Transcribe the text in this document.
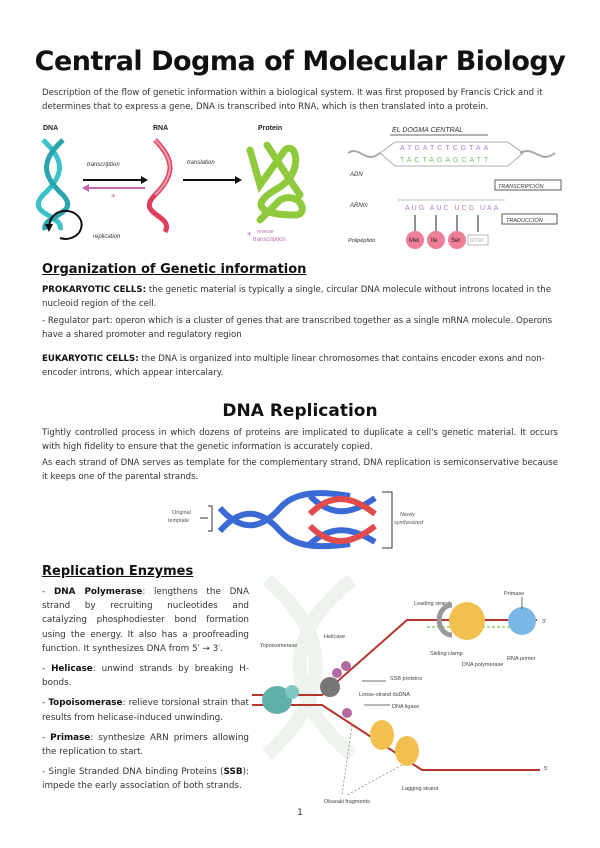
Central Dogma of Molecular Biology
Description of the flow of genetic information within a biological system. It was first proposed by Francis Crick and it determines that to express a gene, DNA is transcribed into RNA, which is then translated into a protein.
DNA	RNA	Protein
replication
transcription
*
translation
* reverse
transcription
EL DOGMA CENTRAL
ATGATCTCGTAA
TACTAGAGCATT
ADN
TRANSCRIPCIÓN
ARNm	AUG AUC UCG UAA
TRADUCCIÓN
Polipéptido	Met Ile Ser STOP
Organization of Genetic information
PROKARYOTIC CELLS: the genetic material is typically a single, circular DNA molecule without introns located in the nucleoid region of the cell.
- Regulator part: operon which is a cluster of genes that are transcribed together as a single mRNA molecule. Operons have a shared promoter and regulatory region
EUKARYOTIC CELLS: the DNA is organized into multiple linear chromosomes that contains encoder exons and non-encoder introns, which appear intercalary.
DNA Replication
Tightly controlled process in which dozens of proteins are implicated to duplicate a cell's genetic material. It occurs with high fidelity to ensure that the genetic information is accurately copied.
As each strand of DNA serves as template for the complementary strand, DNA replication is semiconservative because it keeps one of the parental strands.
Original
template
Newly
synthesized
Replication Enzymes

- DNA Polymerase: lengthens the DNA strand by recruiting nucleotides and catalyzing phosphodiester bond formation using the energy. It also has a proofreading function. It synthesizes DNA from 5′ → 3′.

- Helicase: unwind strands by breaking H-bonds.

- Topoisomerase: relieve torsional strain that results from helicase-induced unwinding.

- Primase: synthesize ARN primers allowing the replication to start.

- Single Stranded DNA binding Proteins (SSB): impede the early association of both strands.

Leading strand
Primase
3'
Sliding clamp
DNA polymerase
RNA primer
Helicase
Topoisomerase
SSB proteins
Loose-strand dsDNA
DNA ligase
Okazaki fragments
Lagging strand
5'
1
